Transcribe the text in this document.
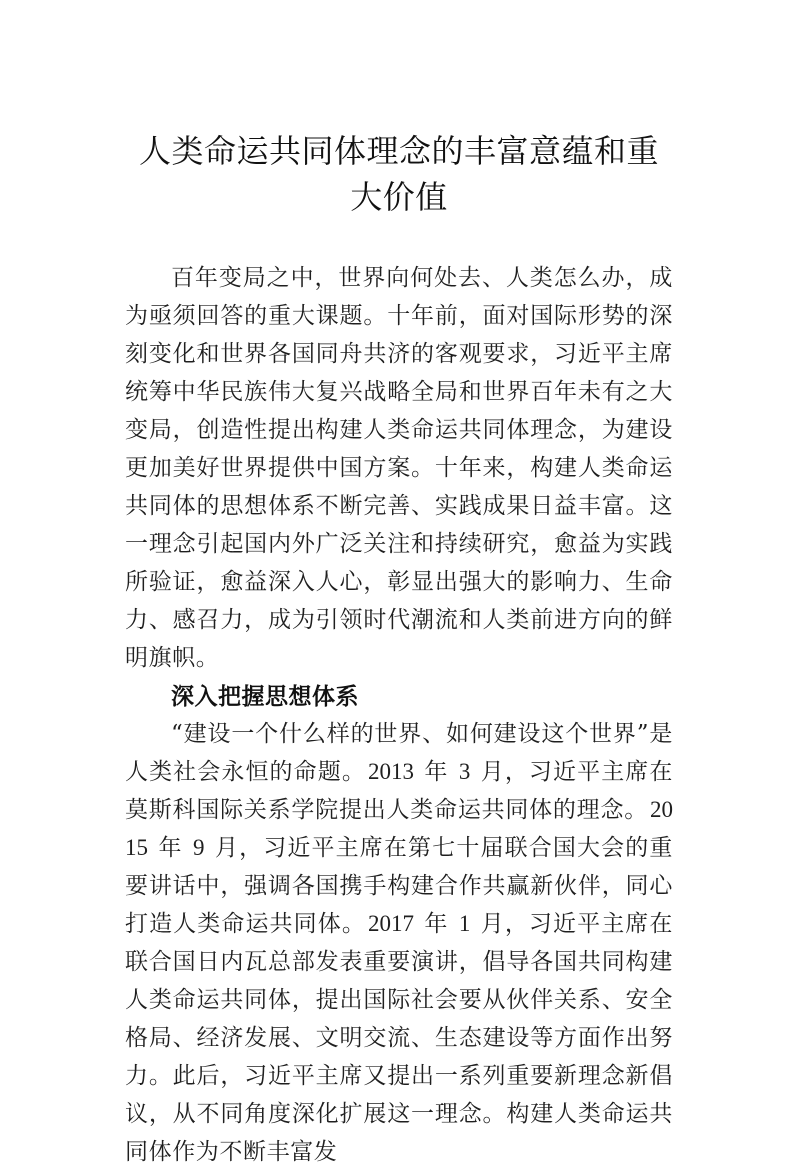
人类命运共同体理念的丰富意蕴和重大价值

百年变局之中，世界向何处去、人类怎么办，成为亟须回答的重大课题。十年前，面对国际形势的深刻变化和世界各国同舟共济的客观要求，习近平主席统筹中华民族伟大复兴战略全局和世界百年未有之大变局，创造性提出构建人类命运共同体理念，为建设更加美好世界提供中国方案。十年来，构建人类命运共同体的思想体系不断完善、实践成果日益丰富。这一理念引起国内外广泛关注和持续研究，愈益为实践所验证，愈益深入人心，彰显出强大的影响力、生命力、感召力，成为引领时代潮流和人类前进方向的鲜明旗帜。

深入把握思想体系

“建设一个什么样的世界、如何建设这个世界”是人类社会永恒的命题。2013 年 3 月，习近平主席在莫斯科国际关系学院提出人类命运共同体的理念。2015 年 9 月，习近平主席在第七十届联合国大会的重要讲话中，强调各国携手构建合作共赢新伙伴，同心打造人类命运共同体。2017 年 1 月，习近平主席在联合国日内瓦总部发表重要演讲，倡导各国共同构建人类命运共同体，提出国际社会要从伙伴关系、安全格局、经济发展、文明交流、生态建设等方面作出努力。此后，习近平主席又提出一系列重要新理念新倡议，从不同角度深化扩展这一理念。构建人类命运共同体作为不断丰富发
